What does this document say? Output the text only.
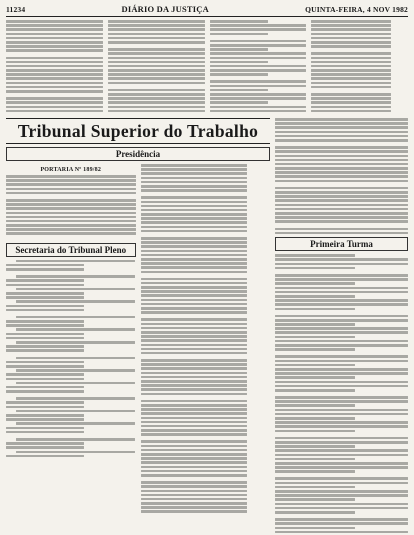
11234	DIÁRIO DA JUSTIÇA	QUINTA-FEIRA, 4 NOV 1982
Tribunal Superior do Trabalho
Presidência
PORTARIA Nº 189/82
Secretaria do Tribunal Pleno
Primeira Turma
